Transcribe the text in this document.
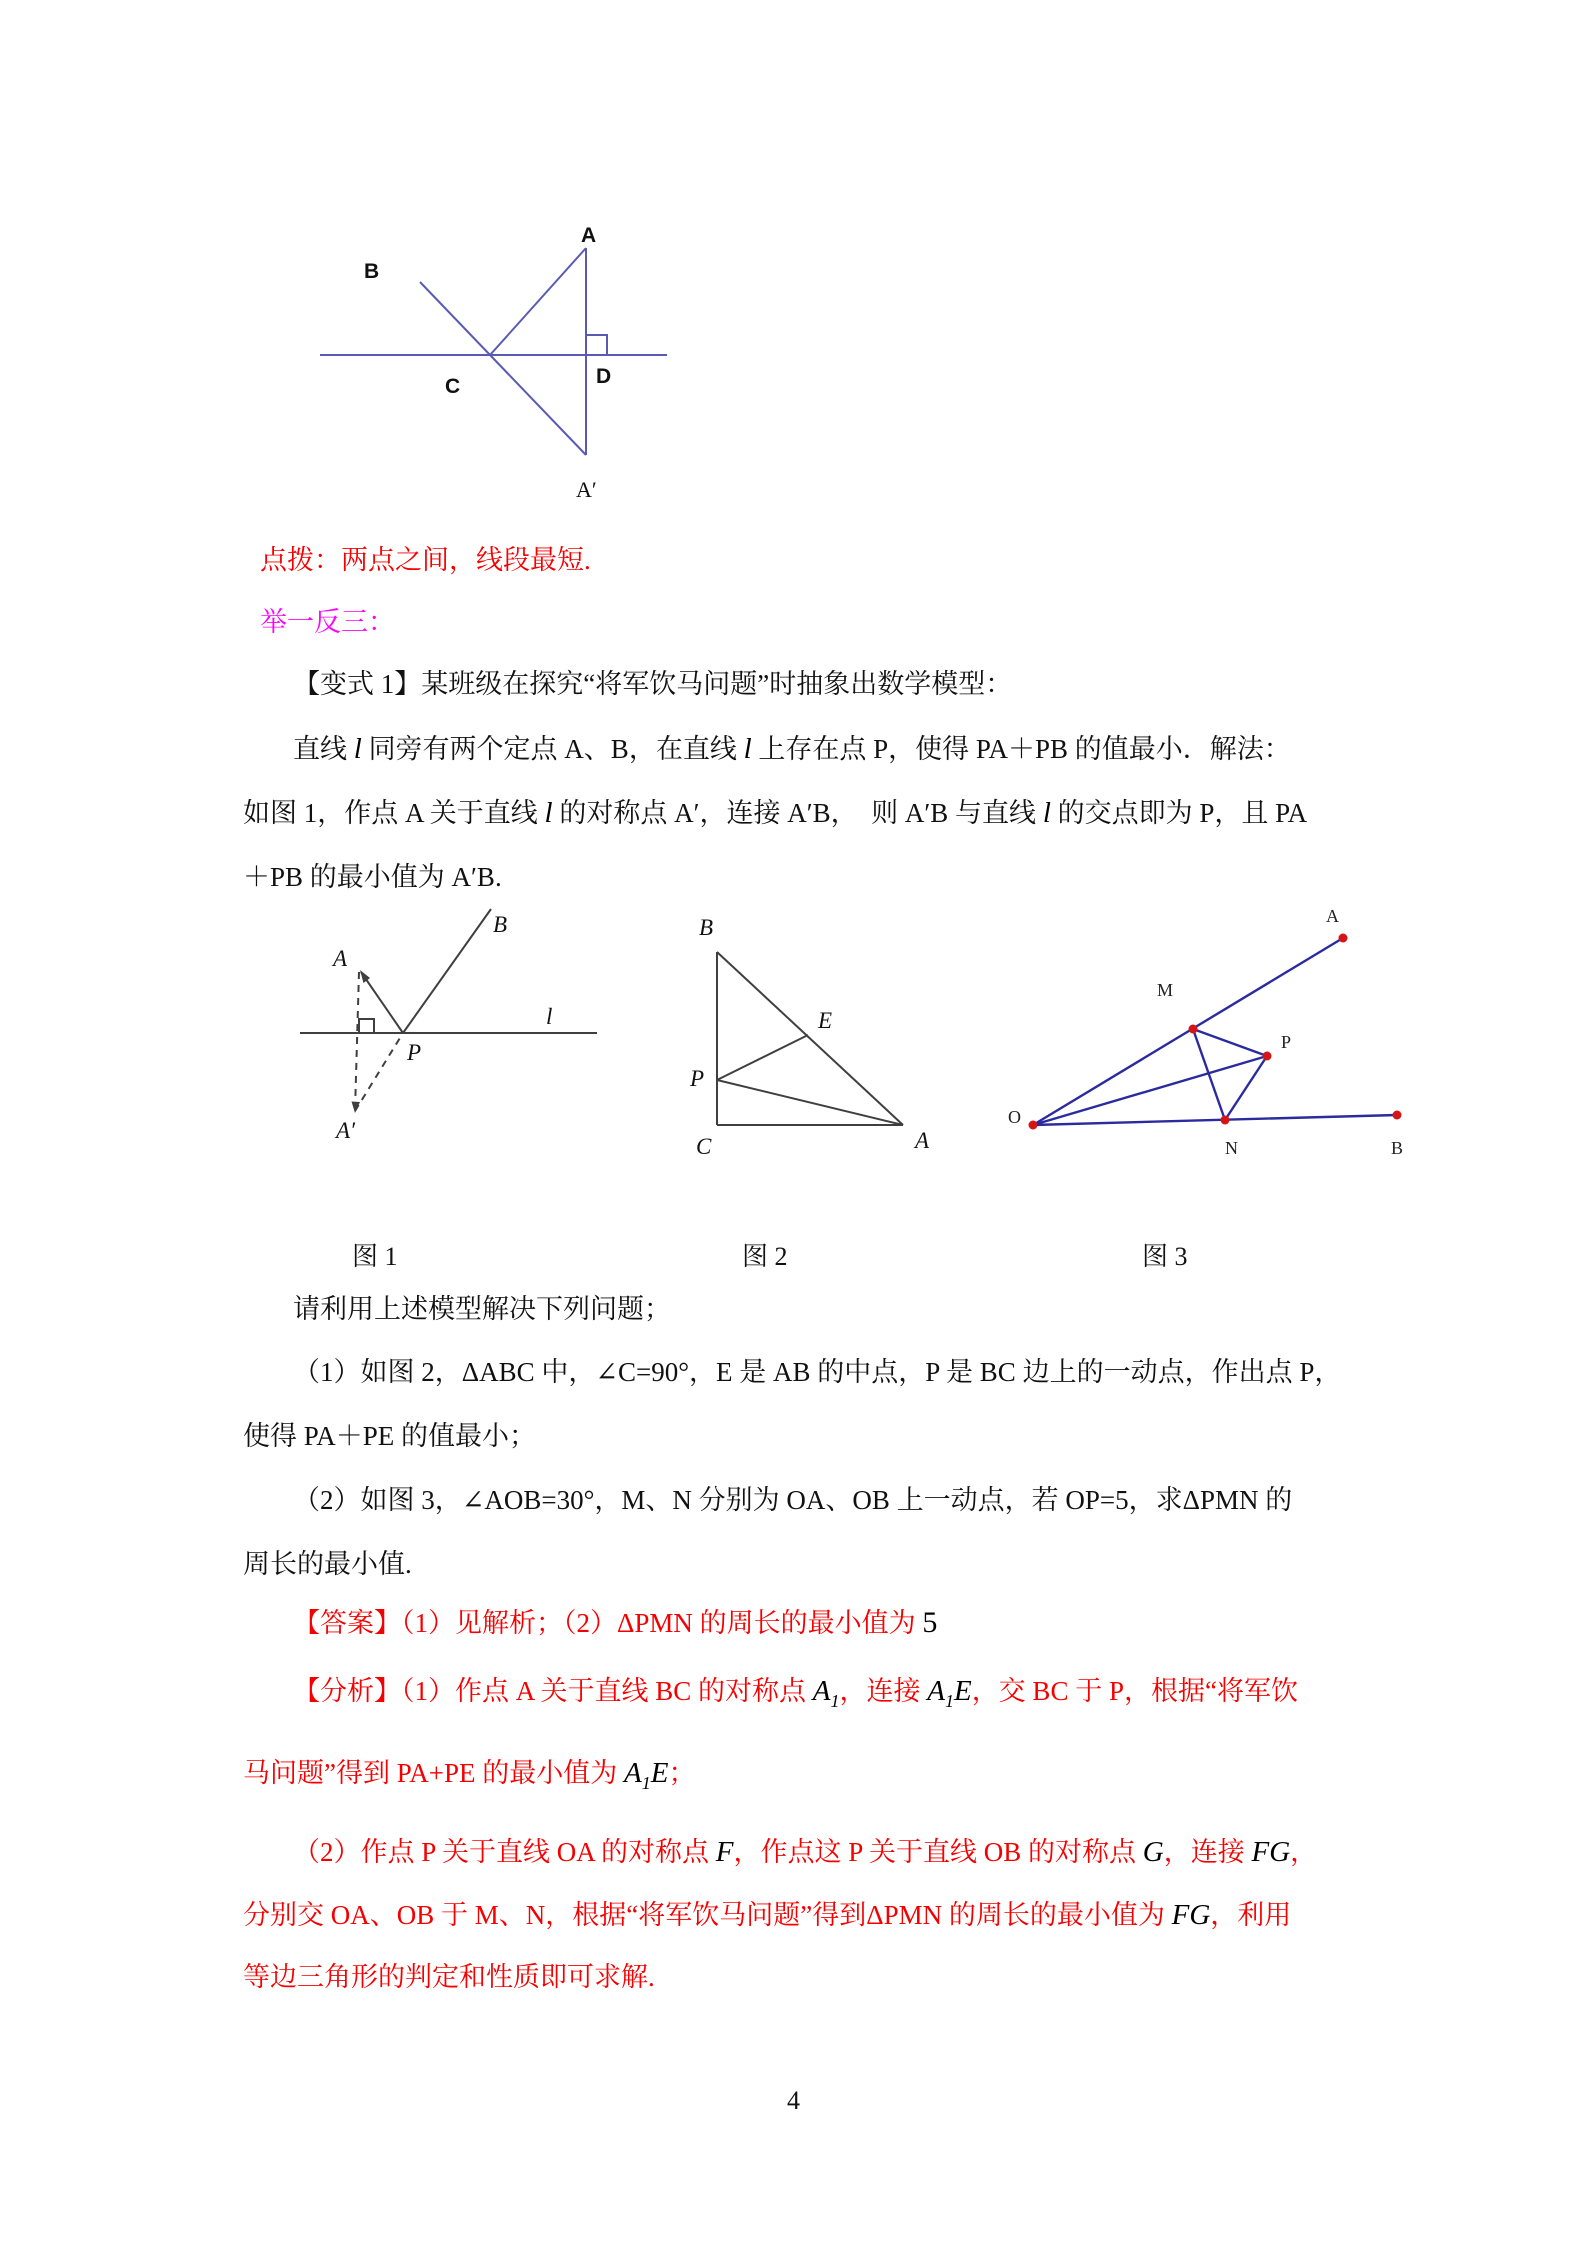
A
B
C	D
A′
点拨：两点之间，线段最短.
举一反三：
【变式 1】某班级在探究“将军饮马问题”时抽象出数学模型：
直线 l 同旁有两个定点 A、B，在直线 l 上存在点 P，使得 PA＋PB 的值最小．解法：
如图 1，作点 A 关于直线 l 的对称点 A′，连接 A′B，　则 A′B 与直线 l 的交点即为 P，且 PA
＋PB 的最小值为 A′B.
A
B
P
A′
l
B
E
P
C	A
O
A
B
M
P
N
图 1	图 2	图 3
请利用上述模型解决下列问题；
（1）如图 2，ΔABC 中，∠C=90°，E 是 AB 的中点，P 是 BC 边上的一动点，作出点 P，
使得 PA＋PE 的值最小；
（2）如图 3，∠AOB=30°，M、N 分别为 OA、OB 上一动点，若 OP=5，求ΔPMN 的
周长的最小值.
【答案】（1）见解析；（2）ΔPMN 的周长的最小值为 5
【分析】（1）作点 A 关于直线 BC 的对称点 $A_1$，连接 $A_1E$，交 BC 于 P，根据“将军饮
马问题”得到 PA+PE 的最小值为 $A_1E$；
（2）作点 P 关于直线 OA 的对称点 F，作点这 P 关于直线 OB 的对称点 G，连接 FG，
分别交 OA、OB 于 M、N，根据“将军饮马问题”得到ΔPMN 的周长的最小值为 FG，利用
等边三角形的判定和性质即可求解.
4
